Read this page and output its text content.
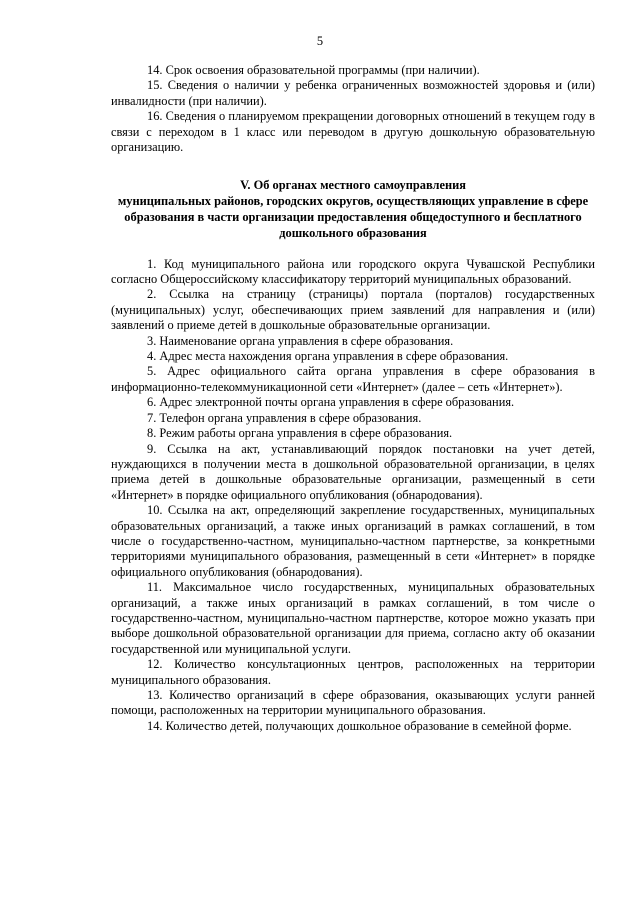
5

14. Срок освоения образовательной программы (при наличии).

15. Сведения о наличии у ребенка ограниченных возможностей здоровья и (или) инвалидности (при наличии).

16. Сведения о планируемом прекращении договорных отношений в текущем году в связи с переходом в 1 класс или переводом в другую дошкольную образовательную организацию.

V. Об органах местного самоуправления
муниципальных районов, городских округов, осуществляющих управление в сфере образования в части организации предоставления общедоступного и бесплатного дошкольного образования

1. Код муниципального района или городского округа Чувашской Республики согласно Общероссийскому классификатору территорий муниципальных образований.

2. Ссылка на страницу (страницы) портала (порталов) государственных (муниципальных) услуг, обеспечивающих прием заявлений для направления и (или) заявлений о приеме детей в дошкольные образовательные организации.

3. Наименование органа управления в сфере образования.

4. Адрес места нахождения органа управления в сфере образования.

5. Адрес официального сайта органа управления в сфере образования в информационно-телекоммуникационной сети «Интернет» (далее – сеть «Интернет»).

6. Адрес электронной почты органа управления в сфере образования.

7. Телефон органа управления в сфере образования.

8. Режим работы органа управления в сфере образования.

9. Ссылка на акт, устанавливающий порядок постановки на учет детей, нуждающихся в получении места в дошкольной образовательной организации, в целях приема детей в дошкольные образовательные организации, размещенный в сети «Интернет» в порядке официального опубликования (обнародования).

10. Ссылка на акт, определяющий закрепление государственных, муниципальных образовательных организаций, а также иных организаций в рамках соглашений, в том числе о государственно-частном, муниципально-частном партнерстве, за конкретными территориями муниципального образования, размещенный в сети «Интернет» в порядке официального опубликования (обнародования).

11. Максимальное число государственных, муниципальных образовательных организаций, а также иных организаций в рамках соглашений, в том числе о государственно-частном, муниципально-частном партнерстве, которое можно указать при выборе дошкольной образовательной организации для приема, согласно акту об оказании государственной или муниципальной услуги.

12. Количество консультационных центров, расположенных на территории муниципального образования.

13. Количество организаций в сфере образования, оказывающих услуги ранней помощи, расположенных на территории муниципального образования.

14. Количество детей, получающих дошкольное образование в семейной форме.
